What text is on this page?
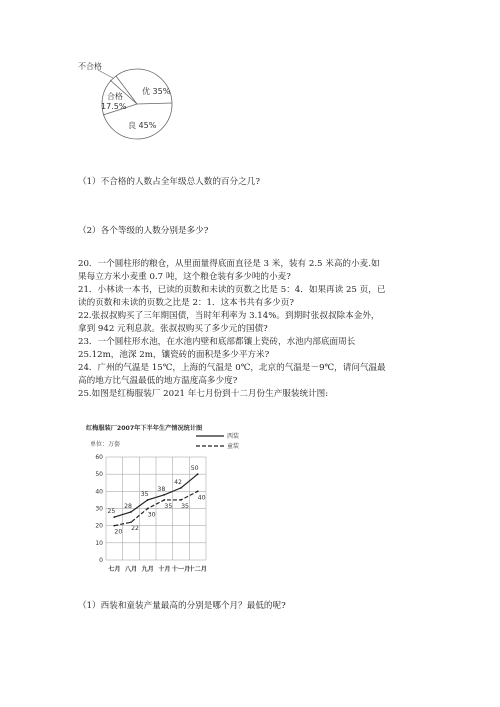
不合格
合格
17.5%
优 35%
良 45%
（1）不合格的人数占全年级总人数的百分之几?
（2）各个等级的人数分别是多少?
20．一个圆柱形的粮仓，从里面量得底面直径是 3 米，装有 2.5 米高的小麦.如
果每立方米小麦重 0.7 吨，这个粮仓装有多少吨的小麦?
21．小林读一本书，已读的页数和未读的页数之比是 5：4．如果再读 25 页，已
读的页数和未读的页数之比是 2：1．这本书共有多少页?
22.张叔叔购买了三年期国债，当时年利率为 3.14%。到期时张叔叔除本金外，
拿到 942 元利息款。张叔叔购买了多少元的国债?
23．一个圆柱形水池，在水池内壁和底部都镶上瓷砖，水池内部底面周长
25.12m，池深 2m，镶瓷砖的面积是多少平方米?
24．广州的气温是 15℃，上海的气温是 0℃，北京的气温是－9℃，请问气温最
高的地方比气温最低的地方温度高多少度?
25.如图是红梅服装厂 2021 年七月份到十二月份生产服装统计图:
红梅服装厂2007年下半年生产情况统计图
单位：万套
0
10
20
30
40
50
60
七月 八月 九月 十月 十一月
十二月
25
28
35
38
42
50
20 22
30
35 35
40
西装
童装
（1）西装和童装产量最高的分别是哪个月？最低的呢?
